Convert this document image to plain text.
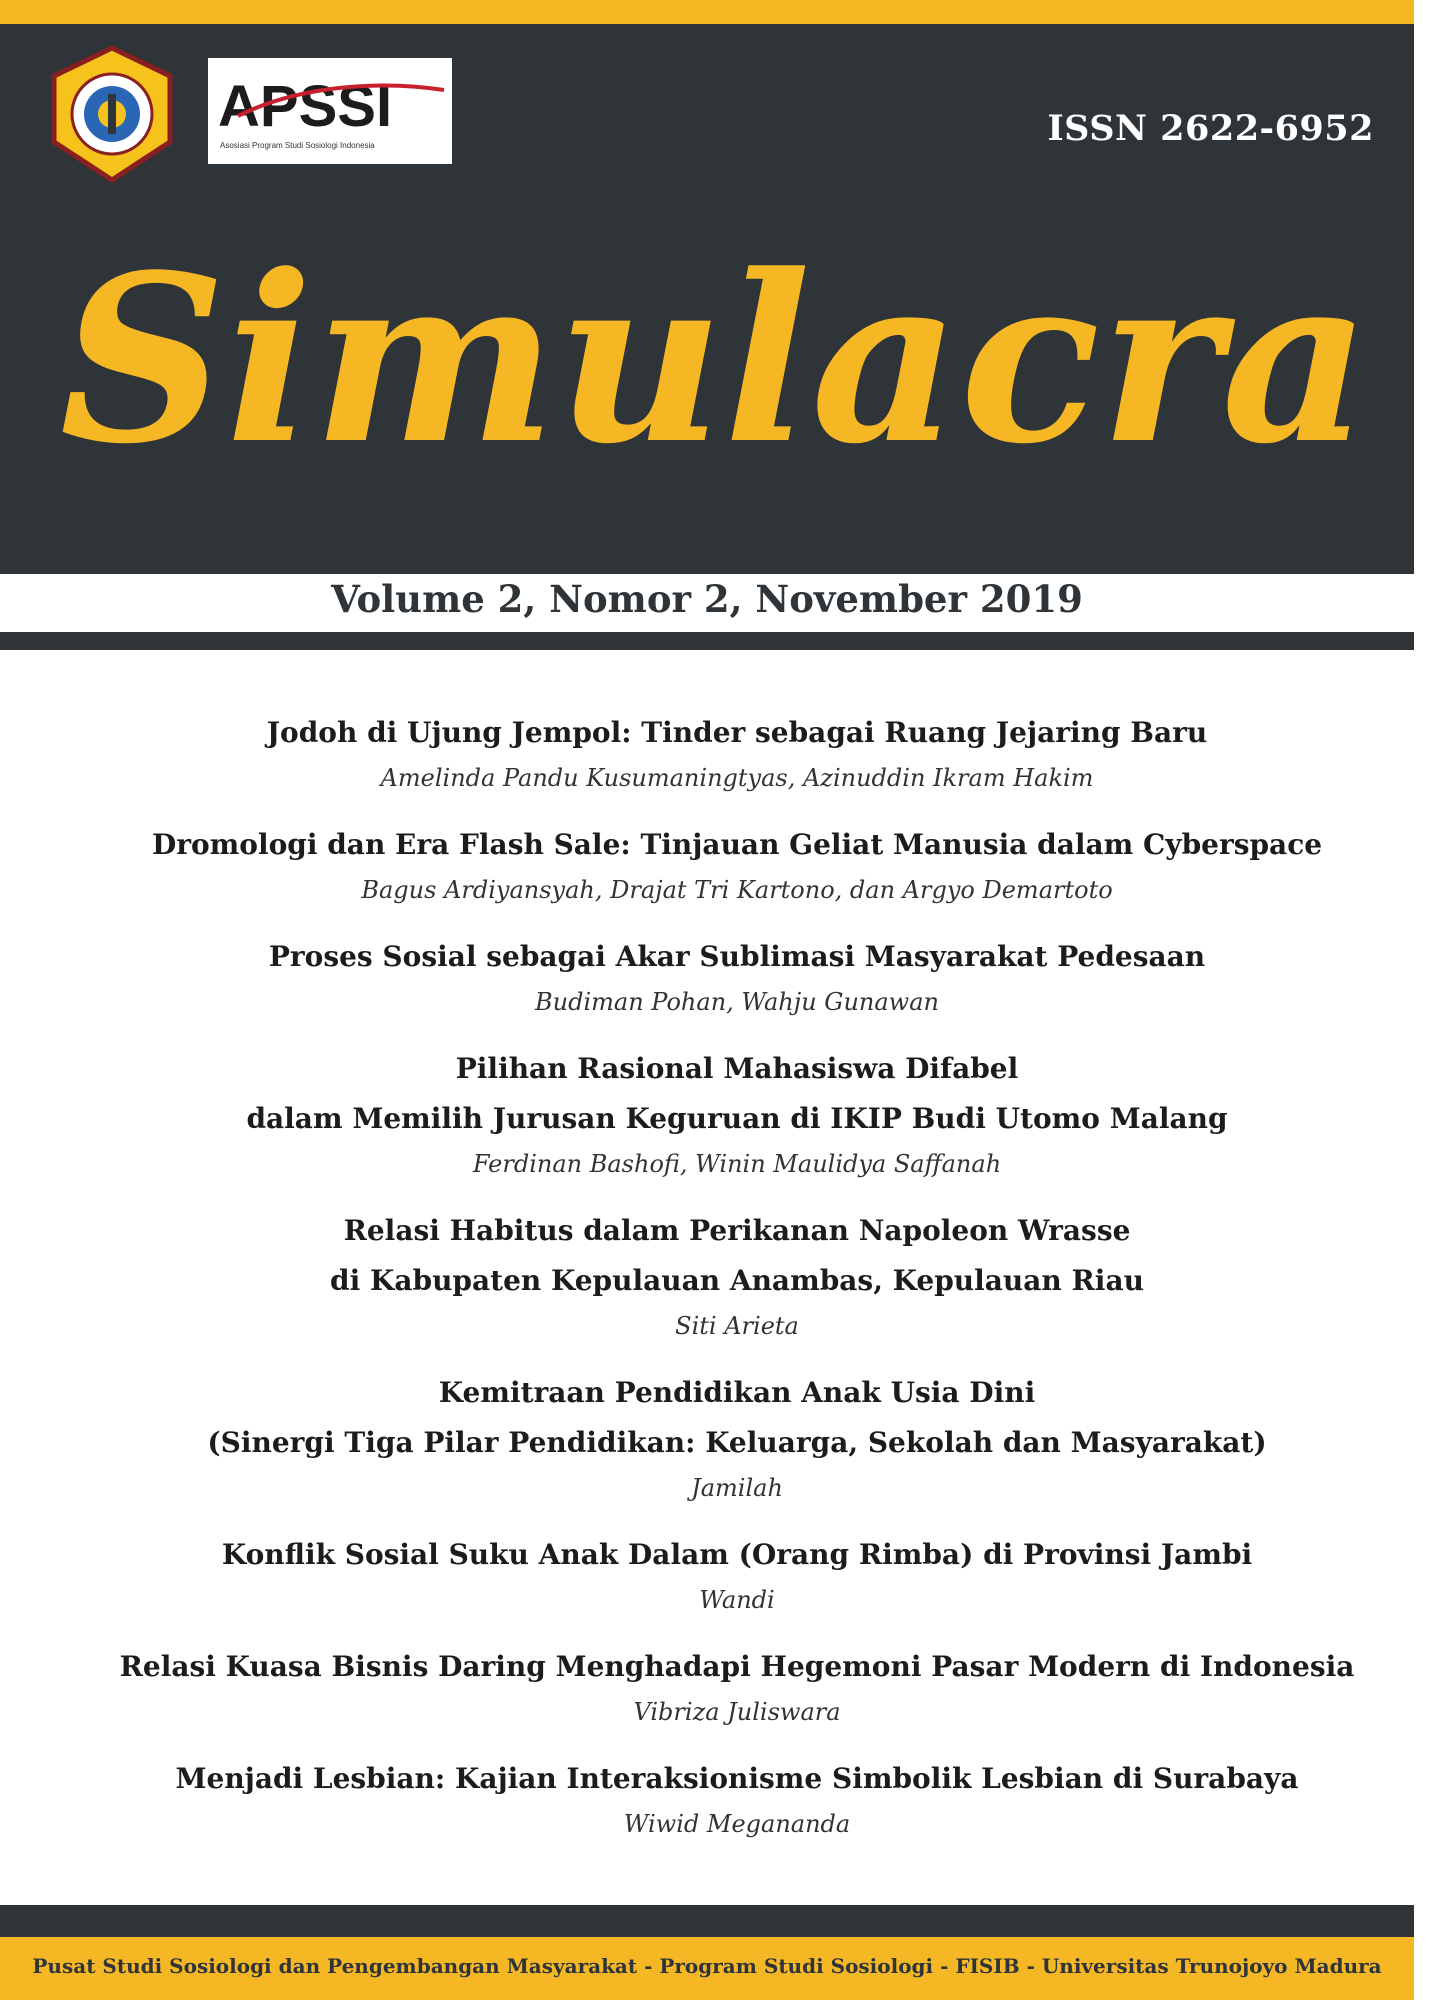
APSSI
Asosiasi Program Studi Sosiologi Indonesia	ISSN 2622-6952
Simulacra
Volume 2, Nomor 2, November 2019

Jodoh di Ujung Jempol: Tinder sebagai Ruang Jejaring Baru

Amelinda Pandu Kusumaningtyas, Azinuddin Ikram Hakim

Dromologi dan Era Flash Sale: Tinjauan Geliat Manusia dalam Cyberspace

Bagus Ardiyansyah, Drajat Tri Kartono, dan Argyo Demartoto

Proses Sosial sebagai Akar Sublimasi Masyarakat Pedesaan

Budiman Pohan, Wahju Gunawan

Pilihan Rasional Mahasiswa Difabel

dalam Memilih Jurusan Keguruan di IKIP Budi Utomo Malang

Ferdinan Bashofi, Winin Maulidya Saffanah

Relasi Habitus dalam Perikanan Napoleon Wrasse

di Kabupaten Kepulauan Anambas, Kepulauan Riau

Siti Arieta

Kemitraan Pendidikan Anak Usia Dini

(Sinergi Tiga Pilar Pendidikan: Keluarga, Sekolah dan Masyarakat)

Jamilah

Konflik Sosial Suku Anak Dalam (Orang Rimba) di Provinsi Jambi

Wandi

Relasi Kuasa Bisnis Daring Menghadapi Hegemoni Pasar Modern di Indonesia

Vibriza Juliswara

Menjadi Lesbian: Kajian Interaksionisme Simbolik Lesbian di Surabaya

Wiwid Megananda

Pusat Studi Sosiologi dan Pengembangan Masyarakat - Program Studi Sosiologi - FISIB - Universitas Trunojoyo Madura
